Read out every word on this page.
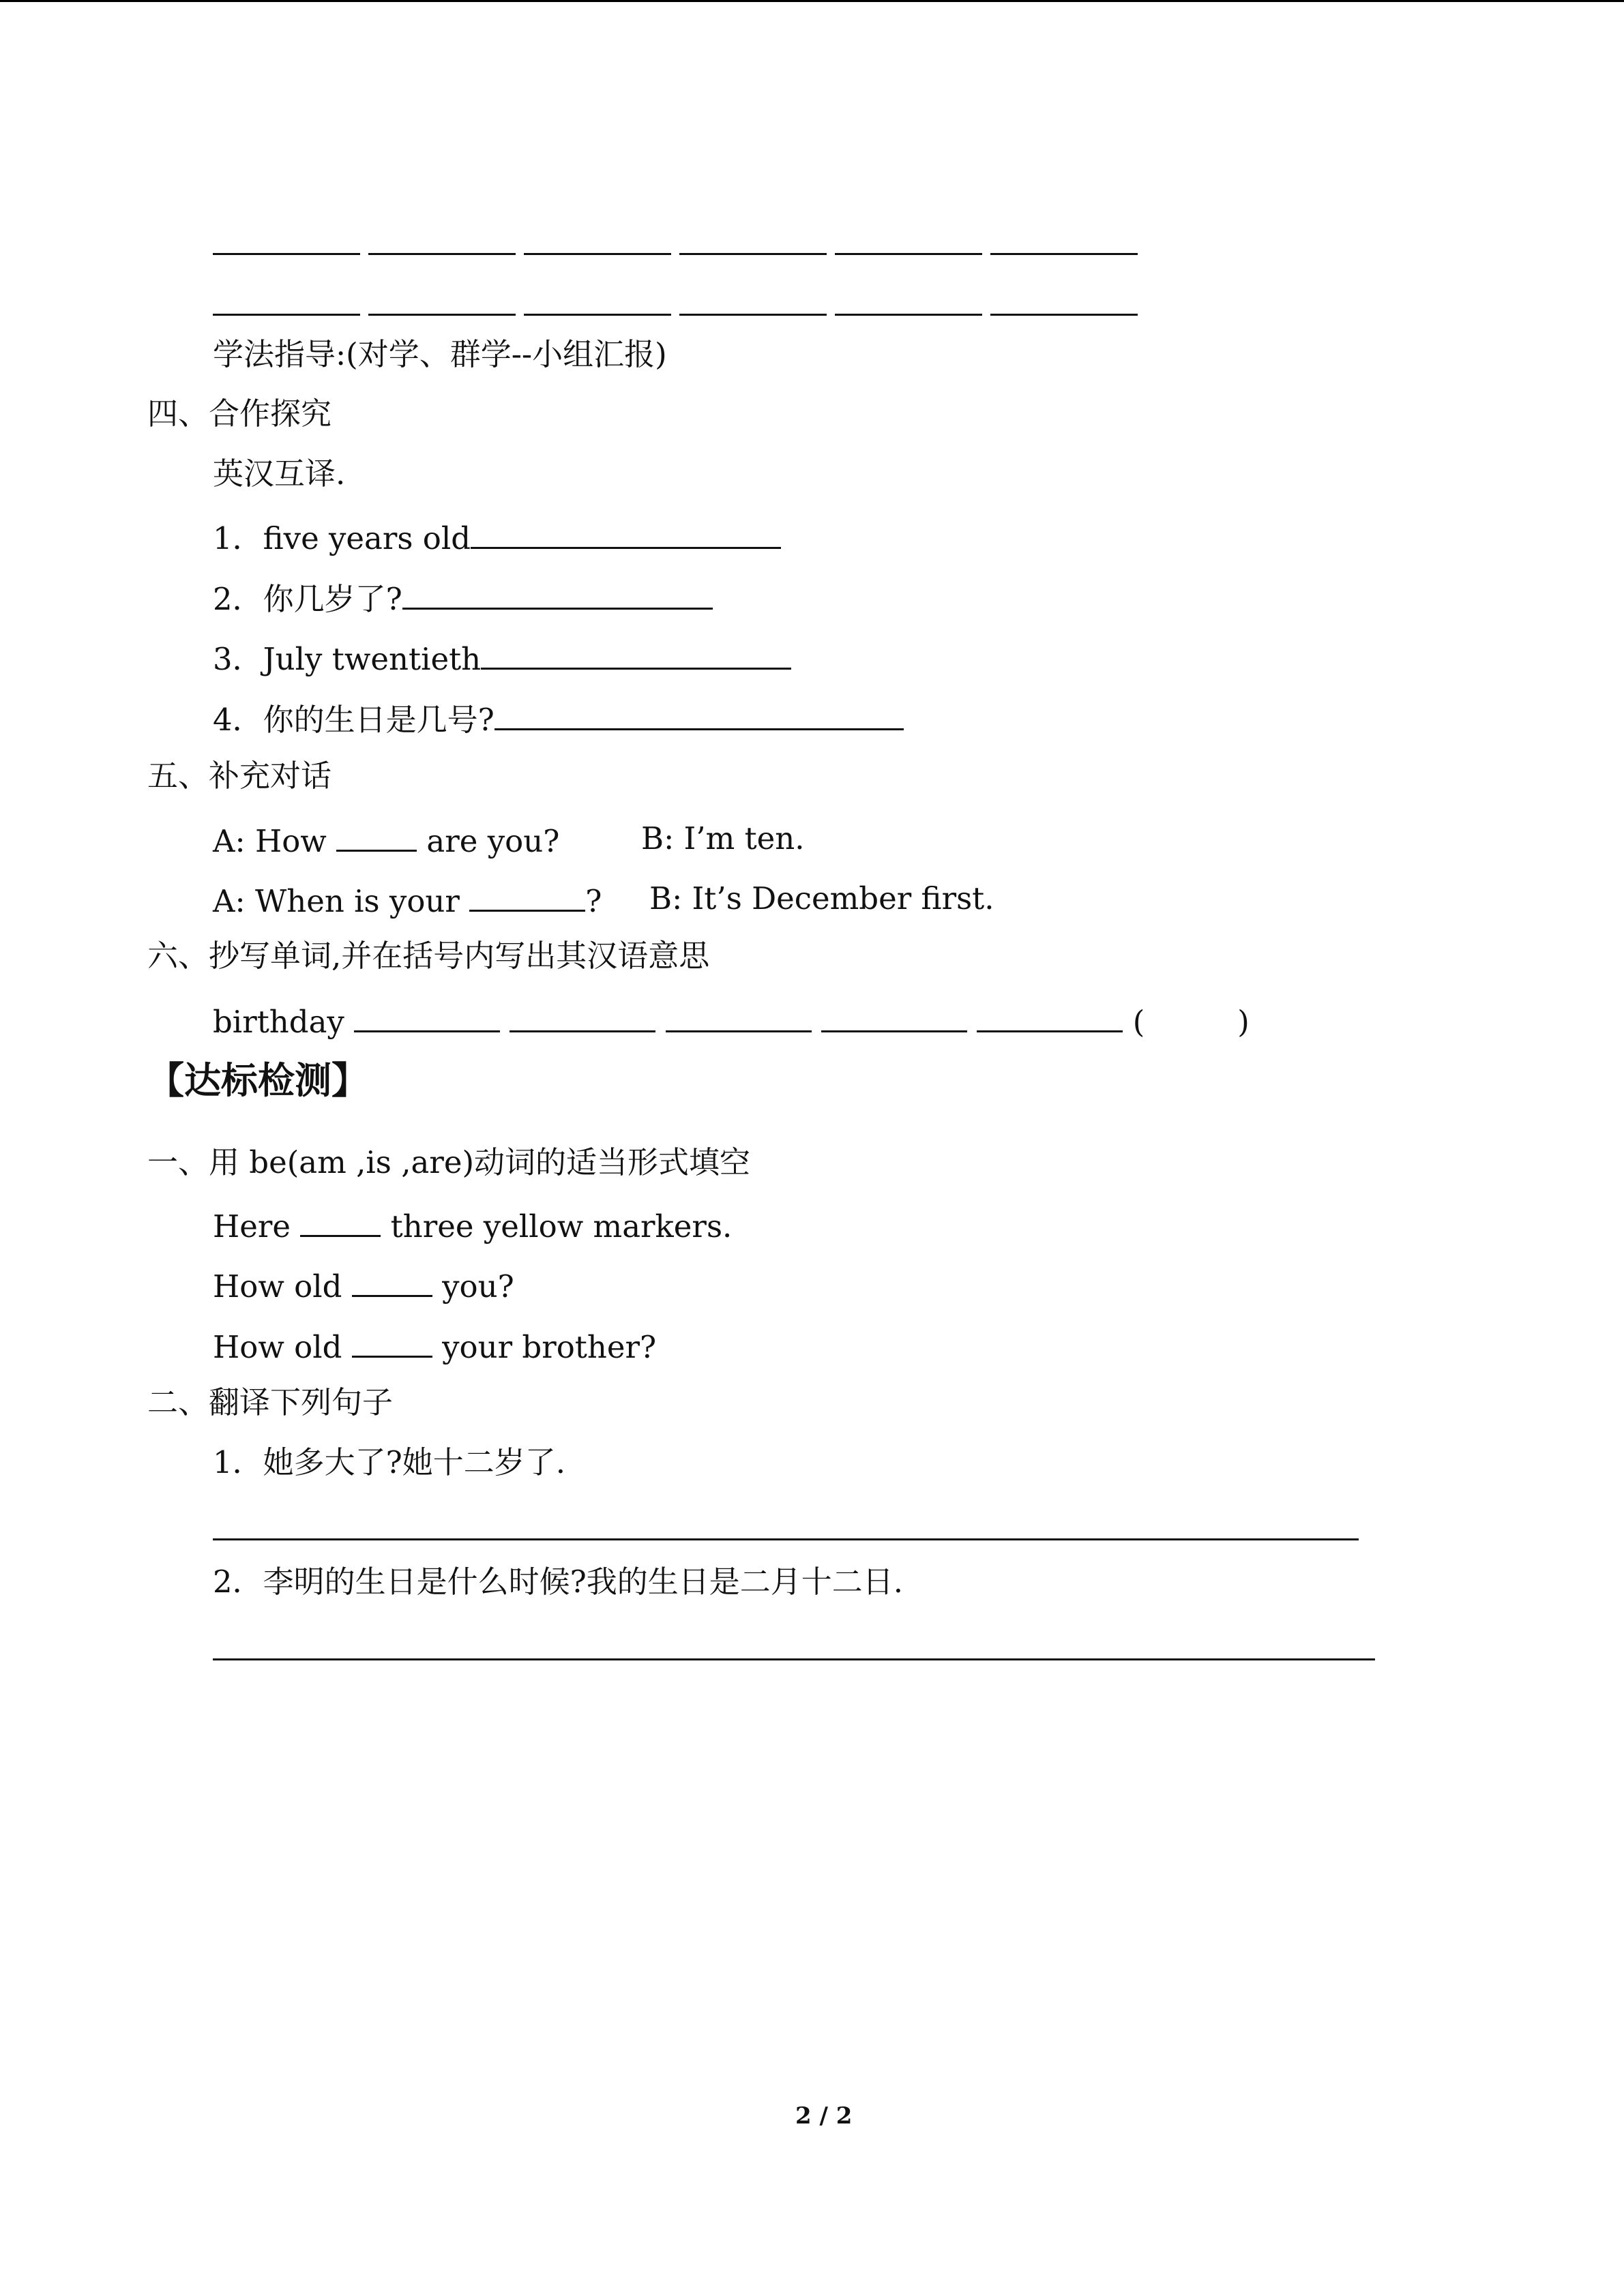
学法指导:(对学、群学--小组汇报)
四、合作探究
英汉互译.
1．five years old
2．你几岁了?
3．July twentieth
4．你的生日是几号?
五、补充对话
A: How	are you?	B: I’m ten.
A: When is your	? B: It’s December first.
六、抄写单词,并在括号内写出其汉语意思
birthday	(	)
【达标检测】
一、用 be(am ,is ,are)动词的适当形式填空
Here	three yellow markers.
How old	you?
How old	your brother?
二、翻译下列句子
1．她多大了?她十二岁了.
2．李明的生日是什么时候?我的生日是二月十二日.
2 / 2
